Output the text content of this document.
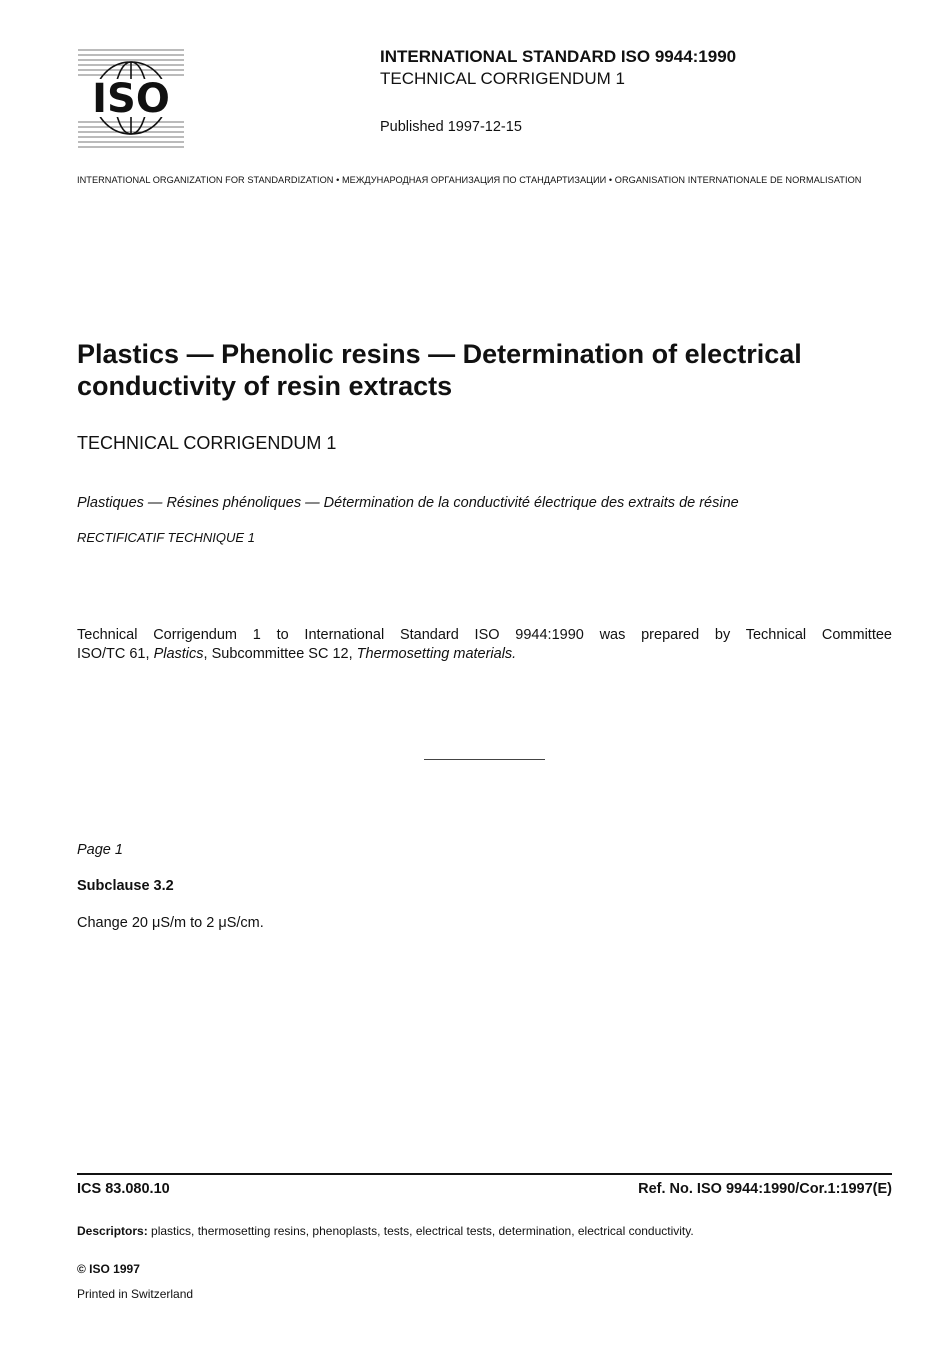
ISO
INTERNATIONAL STANDARD ISO 9944:1990
TECHNICAL CORRIGENDUM 1
Published 1997-12-15
INTERNATIONAL ORGANIZATION FOR STANDARDIZATION • МЕЖДУНАРОДНАЯ ОРГАНИЗАЦИЯ ПО СТАНДАРТИЗАЦИИ • ORGANISATION INTERNATIONALE DE NORMALISATION
Plastics — Phenolic resins — Determination of electrical conductivity of resin extracts
TECHNICAL CORRIGENDUM 1
Plastiques — Résines phénoliques — Détermination de la conductivité électrique des extraits de résine
RECTIFICATIF TECHNIQUE 1
Technical Corrigendum 1 to International Standard ISO 9944:1990 was prepared by Technical Committee
ISO/TC 61, Plastics, Subcommittee SC 12, Thermosetting materials.
Page 1
Subclause 3.2
Change 20 μS/m to 2 μS/cm.
ICS 83.080.10	Ref. No. ISO 9944:1990/Cor.1:1997(E)
Descriptors: plastics, thermosetting resins, phenoplasts, tests, electrical tests, determination, electrical conductivity.
© ISO 1997
Printed in Switzerland
